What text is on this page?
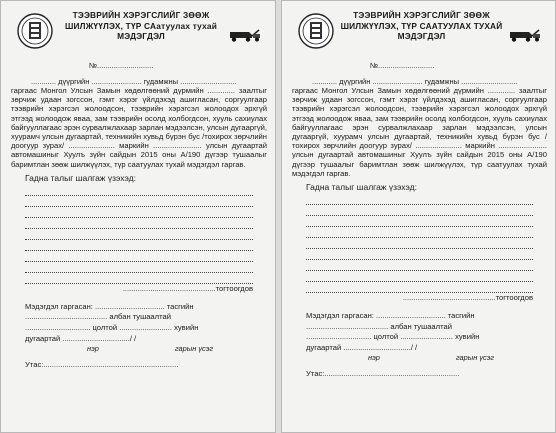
ТЭЭВРИЙН ХЭРЭГСЛИЙГ ЗӨӨЖ
ШИЛЖҮҮЛЭХ, ТҮР САатуулах тухай
МЭДЭГДЭЛ
№...........................
............ дүүргийн ........................ гудамжны ...........................

гаргаас Монгол Улсын Замын хөдөлгөөний дүрмийн ............. заалтыг зөрчиж удаан зогссон, гэмт хэрэг үйлдэхэд ашигласан, соргуулгаар тээврийн хэрэгсэл жолоодсон, тээврийн хэрэгсэл жолоодох эрхгүй этгээд жолоодож яваа, зам тээврийн осолд холбогдсон, хууль сахиулах байгууллагаас эрэн сурвалжлахаар зарлан мэдээлсэн, улсын дугааргүй, хуурамч улсын дугаартай, техникийн хувьд бүрэн бус /тохирох зөрчлийн доогуур зурах/ ...................... маркийн ....................... улсын дугаартай автомашиныг Хуулъ зүйн сайдын 2015 оны А/190 дүгээр тушаалыг баримтлан зөөж шилжүүлэх, түр саатуулах тухай мэдэгдэл гаргав.

Гадна талыг шалгаж үзэхэд:
............................................тогтоогдов
Мэдэгдэл гаргасан: ................................. тасгийн
....................................... албан тушаалтай
............................... цолтой ......................... хувийн
дугаартай ................................/ /
нэр	гарын үсэг
Утас:................................................................
ТЭЭВРИЙН ХЭРЭГСЛИЙГ ЗӨӨЖ
ШИЛЖҮҮЛЭХ, ТҮР СААТУУЛАХ ТУХАЙ
МЭДЭГДЭЛ
№...........................
............ дүүргийн ........................ гудамжны ...........................

гаргаас Монгол Улсын Замын хөдөлгөөний дүрмийн ............. заалтыг зөрчиж удаан зогссон, гэмт хэрэг үйлдэхэд ашигласан, соргуулгаар тээврийн хэрэгсэл жолоодсон, тээврийн хэрэгсэл жолоодох эрхгүй этгээд жолоодож яваа, зам тээврийн осолд холбогдсон, хууль сахиулах байгууллагаас эрэн сурвалжлахаар зарлан мэдээлсэн, улсын дугааргүй, хуурамч улсын дугаартай, техникийн хувьд бүрэн бус /тохирох зөрчлийн доогуур зурах/ ...................... маркийн ....................... улсын дугаартай автомашиныг Хуулъ зүйн сайдын 2015 оны А/190 дүгээр тушаалыг баримтлан зөөж шилжүүлэх, түр саатуулах тухай мэдэгдэл гаргав.

Гадна талыг шалгаж үзэхэд:
............................................тогтоогдов
Мэдэгдэл гаргасан: ................................. тасгийн
....................................... албан тушаалтай
............................... цолтой ......................... хувийн
дугаартай ................................/ /
нэр	гарын үсэг
Утас:................................................................
